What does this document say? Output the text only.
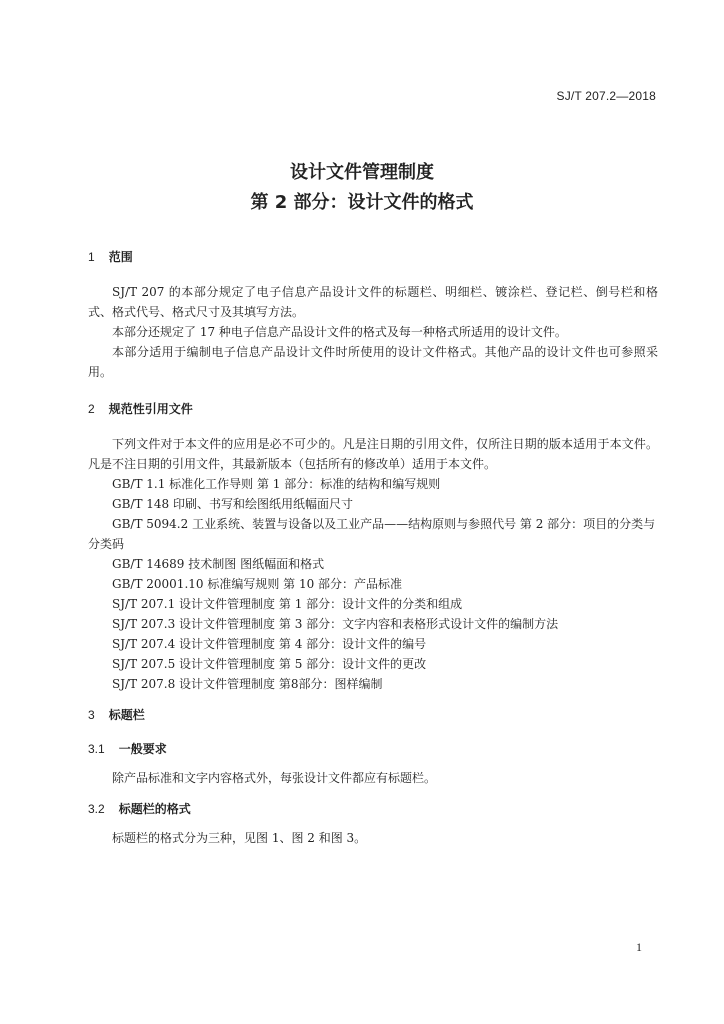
SJ/T 207.2—2018
设计文件管理制度
第 2 部分：设计文件的格式
1 范围
SJ/T 207 的本部分规定了电子信息产品设计文件的标题栏、明细栏、镀涂栏、登记栏、倒号栏和格式、格式代号、格式尺寸及其填写方法。
本部分还规定了 17 种电子信息产品设计文件的格式及每一种格式所适用的设计文件。
本部分适用于编制电子信息产品设计文件时所使用的设计文件格式。其他产品的设计文件也可参照采用。
2 规范性引用文件
下列文件对于本文件的应用是必不可少的。凡是注日期的引用文件，仅所注日期的版本适用于本文件。凡是不注日期的引用文件，其最新版本（包括所有的修改单）适用于本文件。
GB/T 1.1 标准化工作导则 第 1 部分：标准的结构和编写规则
GB/T 148 印刷、书写和绘图纸用纸幅面尺寸
GB/T 5094.2 工业系统、装置与设备以及工业产品——结构原则与参照代号 第 2 部分：项目的分类与分类码
GB/T 14689 技术制图 图纸幅面和格式
GB/T 20001.10 标准编写规则 第 10 部分：产品标准
SJ/T 207.1 设计文件管理制度 第 1 部分：设计文件的分类和组成
SJ/T 207.3 设计文件管理制度 第 3 部分：文字内容和表格形式设计文件的编制方法
SJ/T 207.4 设计文件管理制度 第 4 部分：设计文件的编号
SJ/T 207.5 设计文件管理制度 第 5 部分：设计文件的更改
SJ/T 207.8 设计文件管理制度 第8部分：图样编制
3 标题栏
3.1 一般要求
除产品标准和文字内容格式外，每张设计文件都应有标题栏。
3.2 标题栏的格式
标题栏的格式分为三种，见图 1、图 2 和图 3。
1
